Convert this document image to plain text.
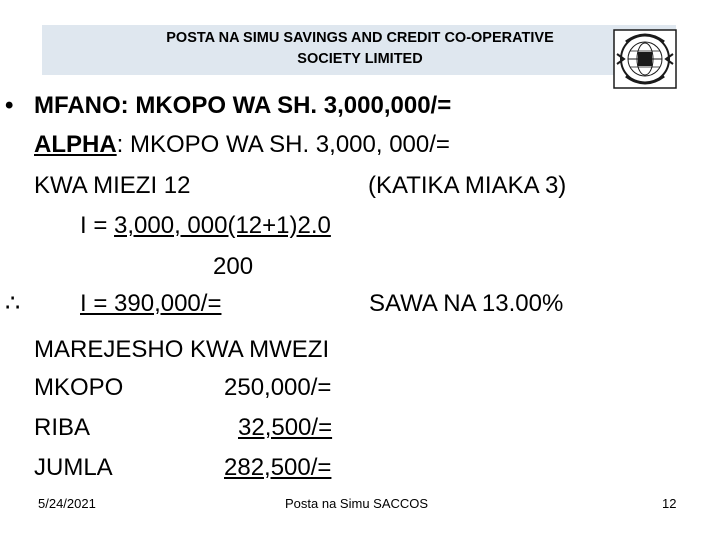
POSTA NA SIMU SAVINGS AND CREDIT CO-OPERATIVE
SOCIETY LIMITED
• MFANO: MKOPO WA SH. 3,000,000/=
ALPHA: MKOPO WA SH. 3,000, 000/=
KWA MIEZI 12	(KATIKA MIAKA 3)
I = 3,000, 000(12+1)2.0
200
∴ I = 390,000/=	SAWA NA 13.00%
MAREJESHO KWA MWEZI
MKOPO	250,000/=
RIBA	32,500/=
JUMLA	282,500/=
5/24/2021	Posta na Simu SACCOS	12
